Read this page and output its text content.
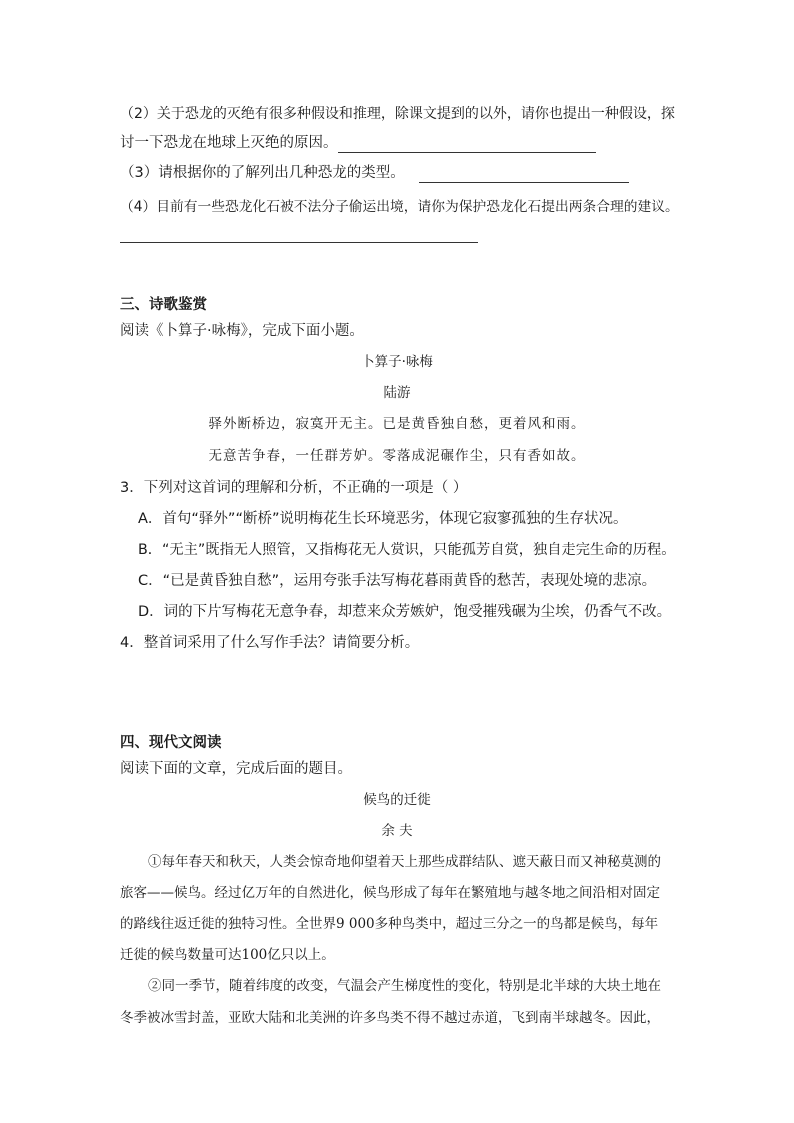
（2）关于恐龙的灭绝有很多种假设和推理，除课文提到的以外，请你也提出一种假设，探
讨一下恐龙在地球上灭绝的原因。
（3）请根据你的了解列出几种恐龙的类型。
（4）目前有一些恐龙化石被不法分子偷运出境，请你为保护恐龙化石提出两条合理的建议。
三、诗歌鉴赏
阅读《卜算子·咏梅》，完成下面小题。
卜算子·咏梅
陆游
驿外断桥边，寂寞开无主。已是黄昏独自愁，更着风和雨。
无意苦争春，一任群芳妒。零落成泥碾作尘，只有香如故。
3．下列对这首词的理解和分析，不正确的一项是（ ）
A．首句“驿外”“断桥”说明梅花生长环境恶劣，体现它寂寥孤独的生存状况。
B．“无主”既指无人照管，又指梅花无人赏识，只能孤芳自赏，独自走完生命的历程。
C．“已是黄昏独自愁”，运用夸张手法写梅花暮雨黄昏的愁苦，表现处境的悲凉。
D．词的下片写梅花无意争春，却惹来众芳嫉妒，饱受摧残碾为尘埃，仍香气不改。
4．整首词采用了什么写作手法？请简要分析。
四、现代文阅读
阅读下面的文章，完成后面的题目。
候鸟的迁徙
余 夫
①每年春天和秋天，人类会惊奇地仰望着天上那些成群结队、遮天蔽日而又神秘莫测的
旅客——候鸟。经过亿万年的自然进化，候鸟形成了每年在繁殖地与越冬地之间沿相对固定
的路线往返迁徙的独特习性。全世界9 000多种鸟类中，超过三分之一的鸟都是候鸟，每年
迁徙的候鸟数量可达100亿只以上。
②同一季节，随着纬度的改变，气温会产生梯度性的变化，特别是北半球的大块土地在
冬季被冰雪封盖，亚欧大陆和北美洲的许多鸟类不得不越过赤道，飞到南半球越冬。因此，
